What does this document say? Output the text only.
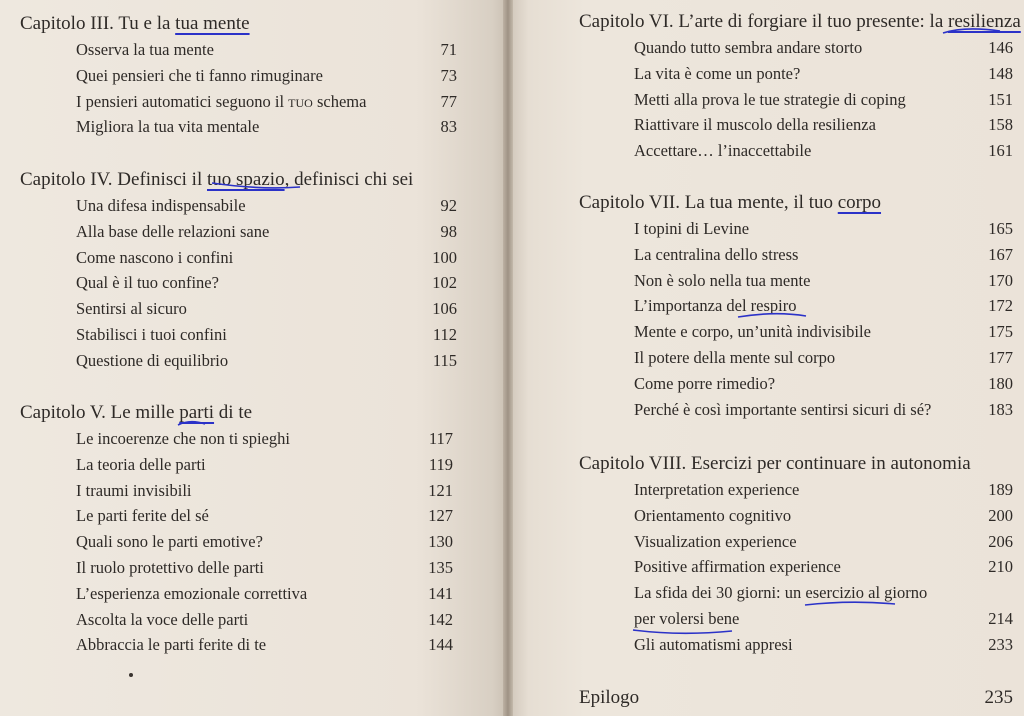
Capitolo III. Tu e la tua mente
Osserva la tua mente	71
Quei pensieri che ti fanno rimuginare	73
I pensieri automatici seguono il tuo schema	77
Migliora la tua vita mentale	83
Capitolo IV. Definisci il tuo spazio, definisci chi sei
Una difesa indispensabile	92
Alla base delle relazioni sane	98
Come nascono i confini	100
Qual è il tuo confine?	102
Sentirsi al sicuro	106
Stabilisci i tuoi confini	112
Questione di equilibrio	115
Capitolo V. Le mille parti di te
Le incoerenze che non ti spieghi	117
La teoria delle parti	119
I traumi invisibili	121
Le parti ferite del sé	127
Quali sono le parti emotive?	130
Il ruolo protettivo delle parti	135
L’esperienza emozionale correttiva	141
Ascolta la voce delle parti	142
Abbraccia le parti ferite di te	144
Capitolo VI. L’arte di forgiare il tuo presente: la resilienza
Quando tutto sembra andare storto	146
La vita è come un ponte?	148
Metti alla prova le tue strategie di coping	151
Riattivare il muscolo della resilienza	158
Accettare… l’inaccettabile	161
Capitolo VII. La tua mente, il tuo corpo
I topini di Levine	165
La centralina dello stress	167
Non è solo nella tua mente	170
L’importanza del respiro	172
Mente e corpo, un’unità indivisibile	175
Il potere della mente sul corpo	177
Come porre rimedio?	180
Perché è così importante sentirsi sicuri di sé?	183
Capitolo VIII. Esercizi per continuare in autonomia
Interpretation experience	189
Orientamento cognitivo	200
Visualization experience	206
Positive affirmation experience	210
La sfida dei 30 giorni: un esercizio al giorno
per volersi bene	214
Gli automatismi appresi	233
Epilogo	235
